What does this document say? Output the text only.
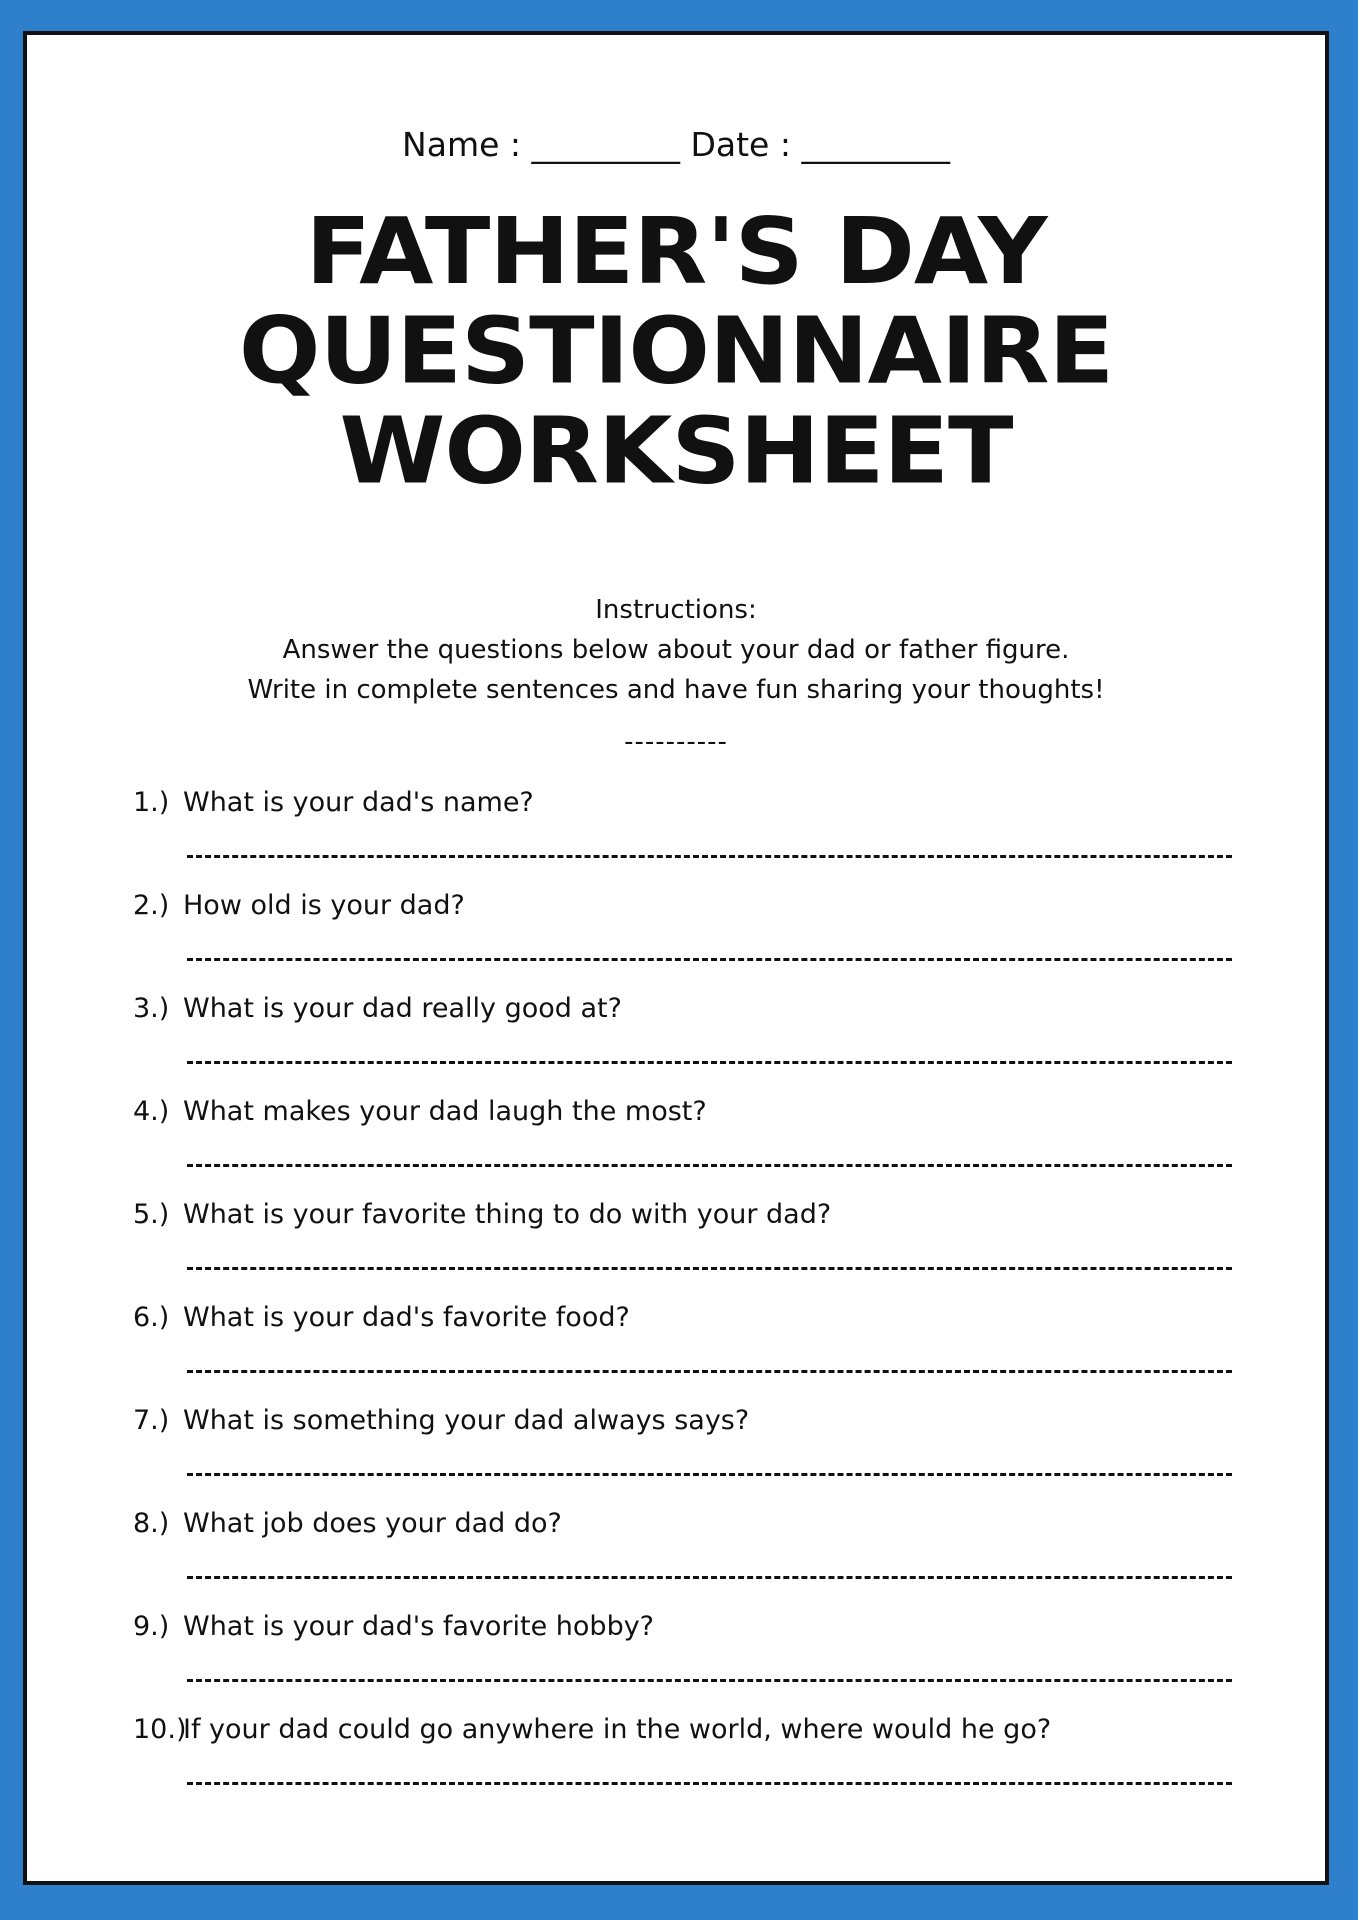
Name : _________ Date : _________
FATHER'S DAY
QUESTIONNAIRE
WORKSHEET
Instructions:
Answer the questions below about your dad or father figure.
Write in complete sentences and have fun sharing your thoughts!
----------
1.) What is your dad's name?
2.) How old is your dad?
3.) What is your dad really good at?
4.) What makes your dad laugh the most?
5.) What is your favorite thing to do with your dad?
6.) What is your dad's favorite food?
7.) What is something your dad always says?
8.) What job does your dad do?
9.) What is your dad's favorite hobby?
10.)
If your dad could go anywhere in the world, where would he go?
